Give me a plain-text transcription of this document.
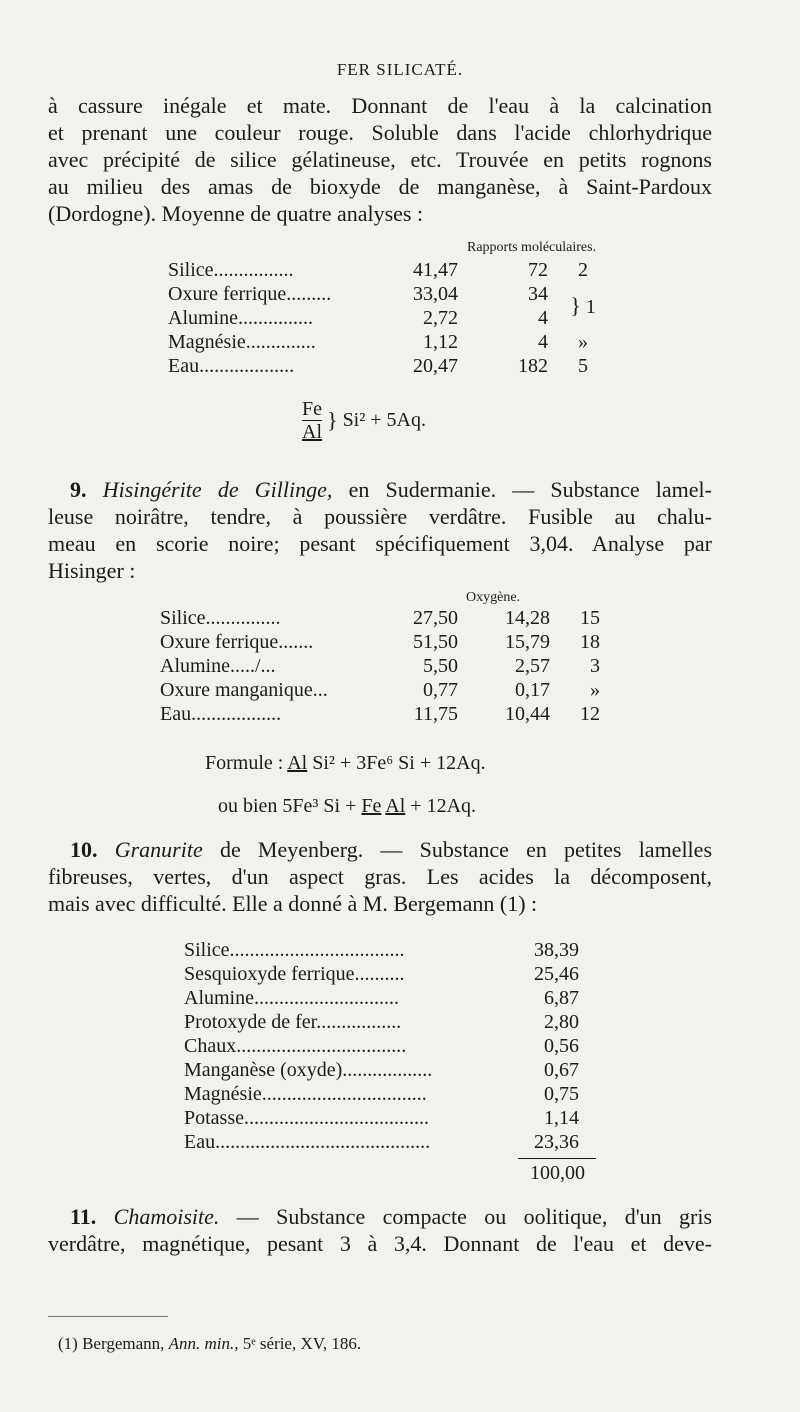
FER SILICATÉ.
à cassure inégale et mate. Donnant de l'eau à la calcination
et prenant une couleur rouge. Soluble dans l'acide chlorhydrique
avec précipité de silice gélatineuse, etc. Trouvée en petits rognons
au milieu des amas de bioxyde de manganèse, à Saint-Pardoux
(Dordogne). Moyenne de quatre analyses :
Rapports moléculaires.
Silice................	41,47	72	2
Oxure ferrique.........	33,04	34	} 1
Alumine...............	2,72	4	
Magnésie..............	1,12	4	»
Eau...................	20,47	182	5
$\frac{Fe}{Al}$ } Si² + 5Aq.
9. Hisingérite de Gillinge, en Sudermanie. — Substance lamel-
leuse noirâtre, tendre, à poussière verdâtre. Fusible au chalu-
meau en scorie noire; pesant spécifiquement 3,04. Analyse par
Hisinger :
Oxygène.
Silice...............	27,50	14,28	15
Oxure ferrique.......	51,50	15,79	18
Alumine...../...	5,50	2,57	3
Oxure manganique...	0,77	0,17	»
Eau..................	11,75	10,44	12
Formule : Al Si² + 3Fe⁶ Si + 12Aq.
ou bien 5Fe³ Si + Fe Al + 12Aq.
10. Granurite de Meyenberg. — Substance en petites lamelles
fibreuses, vertes, d'un aspect gras. Les acides la décomposent,
mais avec difficulté. Elle a donné à M. Bergemann (1) :
Silice...................................	38,39
Sesquioxyde ferrique..........	25,46
Alumine.............................	6,87
Protoxyde de fer.................	2,80
Chaux..................................	0,56
Manganèse (oxyde)..................	0,67
Magnésie.................................	0,75
Potasse.....................................	1,14
Eau...........................................	23,36
100,00
11. Chamoisite. — Substance compacte ou oolitique, d'un gris
verdâtre, magnétique, pesant 3 à 3,4. Donnant de l'eau et deve-
(1) Bergemann, Ann. min., 5ᵉ série, XV, 186.
